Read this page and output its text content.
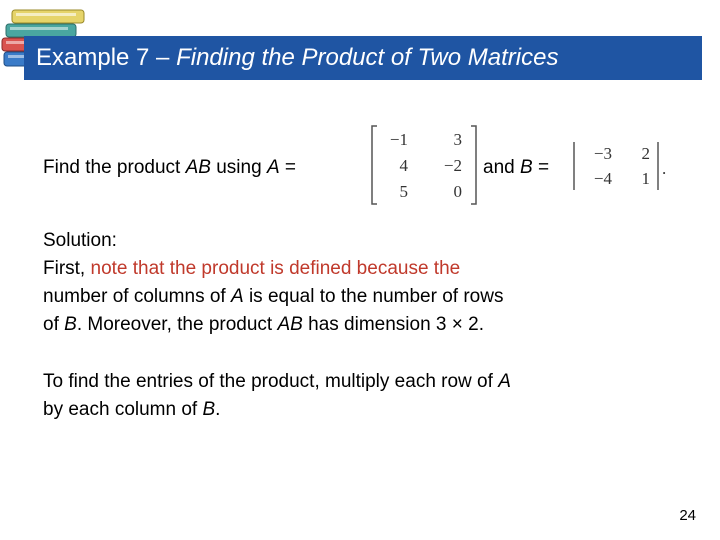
Example 7 – Finding the Product of Two Matrices
Find the product AB using A =
−1	3
4 −2
5	0
and B =
−3 2
−4 1
.
Solution:
First, note that the product is defined because the
number of columns of A is equal to the number of rows
of B. Moreover, the product AB has dimension 3 × 2.
To find the entries of the product, multiply each row of A
by each column of B.
24
